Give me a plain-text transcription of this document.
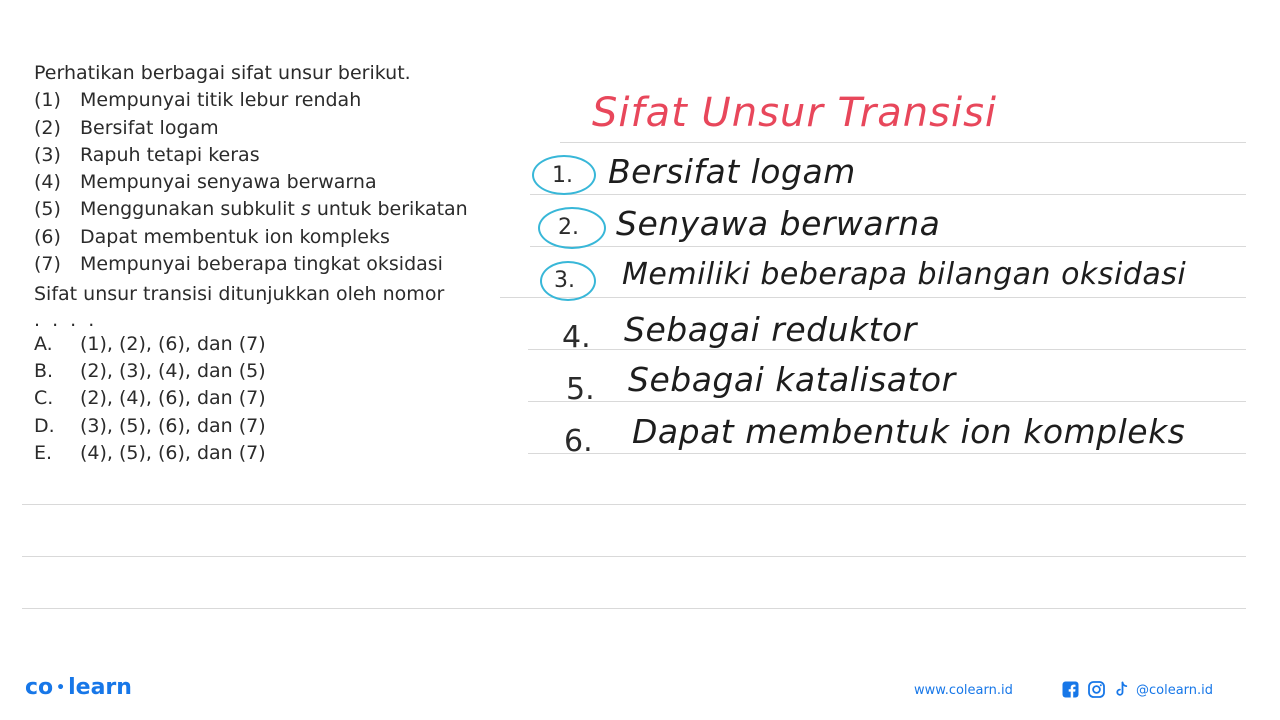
Perhatikan berbagai sifat unsur berikut.
(1) Mempunyai titik lebur rendah
(2) Bersifat logam
(3) Rapuh tetapi keras
(4) Mempunyai senyawa berwarna
(5) Menggunakan subkulit s untuk berikatan
(6) Dapat membentuk ion kompleks
(7) Mempunyai beberapa tingkat oksidasi
Sifat unsur transisi ditunjukkan oleh nomor
. . . .
A. (1), (2), (6), dan (7)
B. (2), (3), (4), dan (5)
C. (2), (4), (6), dan (7)
D. (3), (5), (6), dan (7)
E. (4), (5), (6), dan (7)
Sifat Unsur Transisi
1. Bersifat logam
2. Senyawa berwarna
3. Memiliki beberapa bilangan oksidasi
4. Sebagai reduktor
5. Sebagai katalisator
6. Dapat membentuk ion kompleks
co • learn	www.colearn.id	@colearn.id
